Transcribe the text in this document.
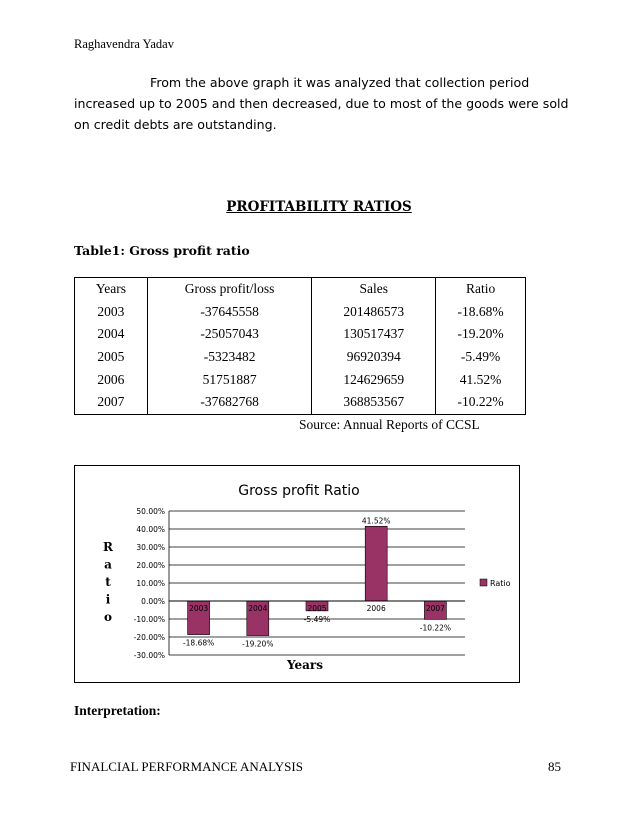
Raghavendra Yadav
From the above graph it was analyzed that collection period increased up to 2005 and then decreased, due to most of the goods were sold on credit debts are outstanding.
PROFITABILITY RATIOS
Table1: Gross profit ratio
Years	Gross profit/loss	Sales	Ratio
2003	-37645558	201486573	-18.68%
2004	-25057043	130517437	-19.20%
2005	-5323482	96920394	-5.49%
2006	51751887	124629659	41.52%
2007	-37682768	368853567	-10.22%
Source: Annual Reports of CCSL
Gross profit Ratio
50.00%
40.00%
30.00%
20.00%
10.00%
0.00%
-10.00%
-20.00%
-30.00%
2003
-18.68%
2004
-19.20%
2005
-5.49%
2006
41.52%
2007
-10.22%
R
a
t
i
o
Years
Ratio
Interpretation:
FINALCIAL PERFORMANCE ANALYSIS	85
